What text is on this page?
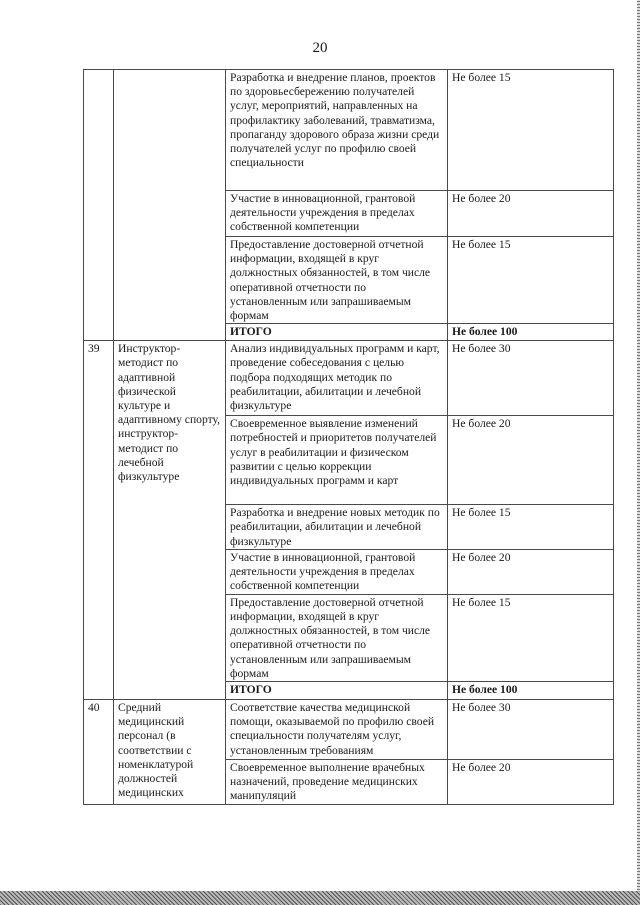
20
		Разработка и внедрение планов, проектов по здоровьесбережению получателей услуг, мероприятий, направленных на профилактику заболеваний, травматизма, пропаганду здорового образа жизни среди получателей услуг по профилю своей специальности	Не более 15
		Участие в инновационной, грантовой деятельности учреждения в пределах собственной компетенции	Не более 20
		Предоставление достоверной отчетной информации, входящей в круг должностных обязанностей, в том числе оперативной отчетности по установленным или запрашиваемым формам	Не более 15
		ИТОГО	Не более 100
39	Инструктор-методист по адаптивной физической культуре и адаптивному спорту, инструктор-методист по лечебной физкультуре	Анализ индивидуальных программ и карт, проведение собеседования с целью подбора подходящих методик по реабилитации, абилитации и лечебной физкультуре	Не более 30
		Своевременное выявление изменений потребностей и приоритетов получателей услуг в реабилитации и физическом развитии с целью коррекции индивидуальных программ и карт	Не более 20
		Разработка и внедрение новых методик по реабилитации, абилитации и лечебной физкультуре	Не более 15
		Участие в инновационной, грантовой деятельности учреждения в пределах собственной компетенции	Не более 20
		Предоставление достоверной отчетной информации, входящей в круг должностных обязанностей, в том числе оперативной отчетности по установленным или запрашиваемым формам	Не более 15
		ИТОГО	Не более 100
40	Средний медицинский персонал (в соответствии с номенклатурой должностей медицинских	Соответствие качества медицинской помощи, оказываемой по профилю своей специальности получателям услуг, установленным требованиям	Не более 30
		Своевременное выполнение врачебных назначений, проведение медицинских манипуляций	Не более 20
